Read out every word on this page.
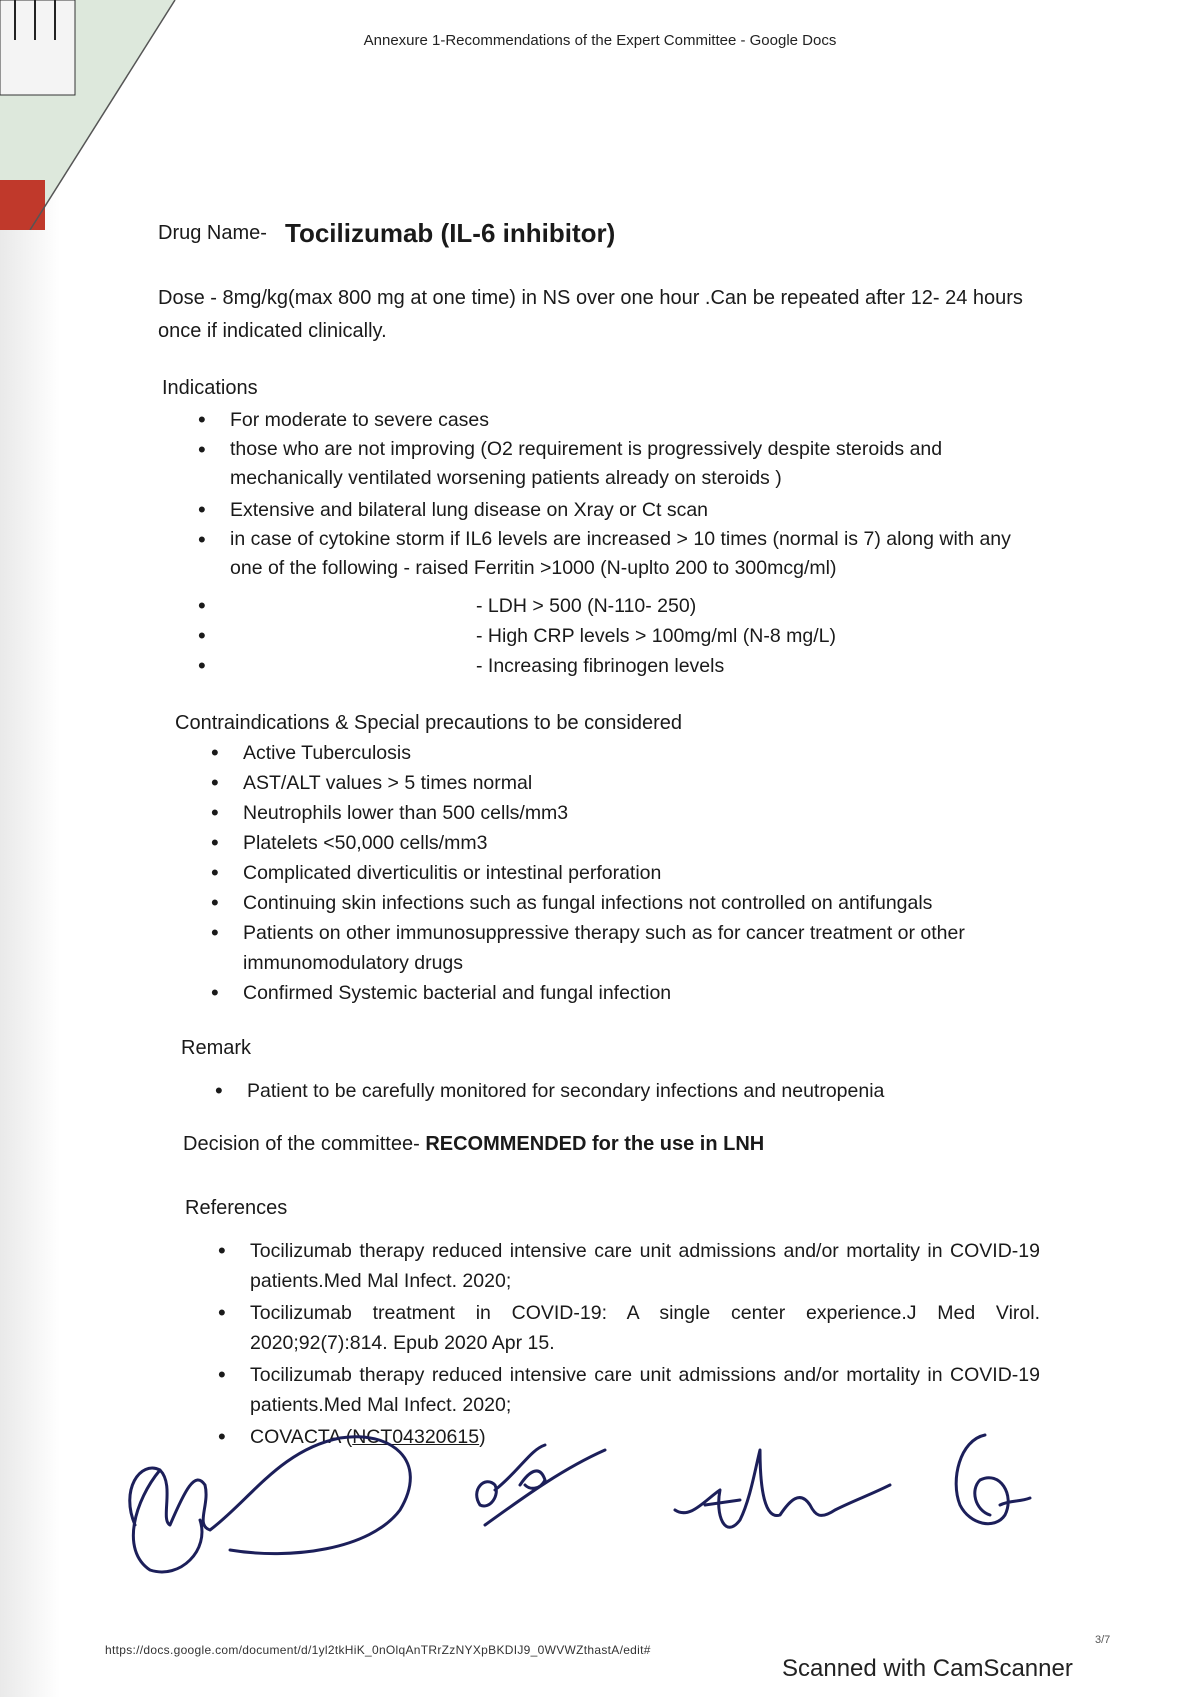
Annexure 1-Recommendations of the Expert Committee - Google Docs
Drug Name- Tocilizumab (IL-6 inhibitor)
Dose - 8mg/kg(max 800 mg at one time) in NS over one hour .Can be repeated after 12- 24 hours once if indicated clinically.
Indications
• For moderate to severe cases
• those who are not improving (O2 requirement is progressively despite steroids and mechanically ventilated worsening patients already on steroids )
• Extensive and bilateral lung disease on Xray or Ct scan
• in case of cytokine storm if IL6 levels are increased > 10 times (normal is 7) along with any one of the following - raised Ferritin >1000 (N-uplto 200 to 300mcg/ml)
• - LDH > 500 (N-110- 250)
• - High CRP levels > 100mg/ml (N-8 mg/L)
• - Increasing fibrinogen levels
Contraindications & Special precautions to be considered
• Active Tuberculosis
• AST/ALT values > 5 times normal
• Neutrophils lower than 500 cells/mm3
• Platelets <50,000 cells/mm3
• Complicated diverticulitis or intestinal perforation
• Continuing skin infections such as fungal infections not controlled on antifungals
• Patients on other immunosuppressive therapy such as for cancer treatment or other immunomodulatory drugs
• Confirmed Systemic bacterial and fungal infection
Remark
• Patient to be carefully monitored for secondary infections and neutropenia
Decision of the committee- RECOMMENDED for the use in LNH
References
• Tocilizumab therapy reduced intensive care unit admissions and/or mortality in COVID-19 patients.Med Mal Infect. 2020;
• Tocilizumab treatment in COVID-19: A single center experience.J Med Virol. 2020;92(7):814. Epub 2020 Apr 15.
• Tocilizumab therapy reduced intensive care unit admissions and/or mortality in COVID-19 patients.Med Mal Infect. 2020;
• COVACTA (NCT04320615)
https://docs.google.com/document/d/1yl2tkHiK_0nOlqAnTRrZzNYXpBKDIJ9_0WVWZthastA/edit#
3/7
Scanned with CamScanner
